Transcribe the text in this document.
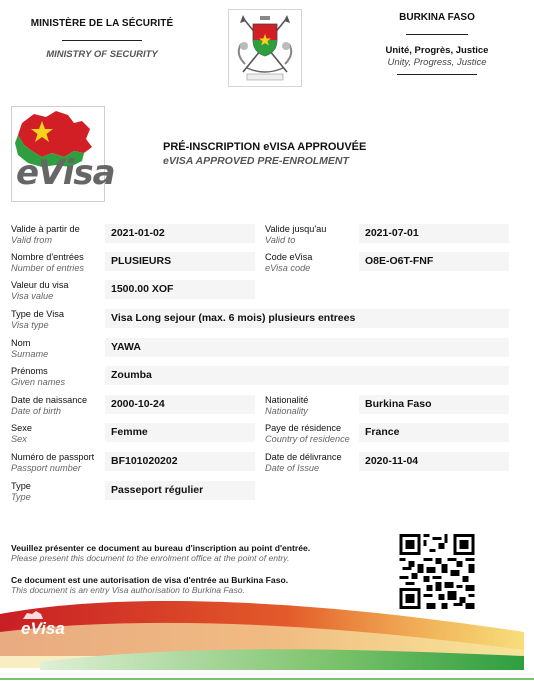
MINISTÈRE DE LA SÉCURITÉ
MINISTRY OF SECURITY
BURKINA FASO
Unité, Progrès, Justice
Unity, Progress, Justice
eVisa
PRÉ-INSCRIPTION eVISA APPROUVÉE
eVISA APPROVED PRE-ENROLMENT
Valide à partir de
Valid from
2021-01-02	Valide jusqu'au
Valid to
2021-07-01
Nombre d'entrées
Number of entries
PLUSIEURS	Code eVisa
eVisa code
O8E-O6T-FNF
Valeur du visa
Visa value
1500.00 XOF
Type de Visa
Visa type
Visa Long sejour (max. 6 mois) plusieurs entrees
Nom
Surname
YAWA
Prénoms
Given names
Zoumba
Date de naissance
Date of birth
2000-10-24	Nationalité
Nationality
Burkina Faso
Sexe
Sex
Femme	Paye de résidence
Country of residence
France
Numéro de passport
Passport number
BF101020202	Date de délivrance
Date of Issue
2020-11-04
Type
Type
Passeport régulier
Veuillez présenter ce document au bureau d'inscription au point d'entrée.
Please present this document to the enrolment office at the point of entry.
Ce document est une autorisation de visa d'entrée au Burkina Faso.
This document is an entry Visa authorisation to Burkina Faso.
eVisa
